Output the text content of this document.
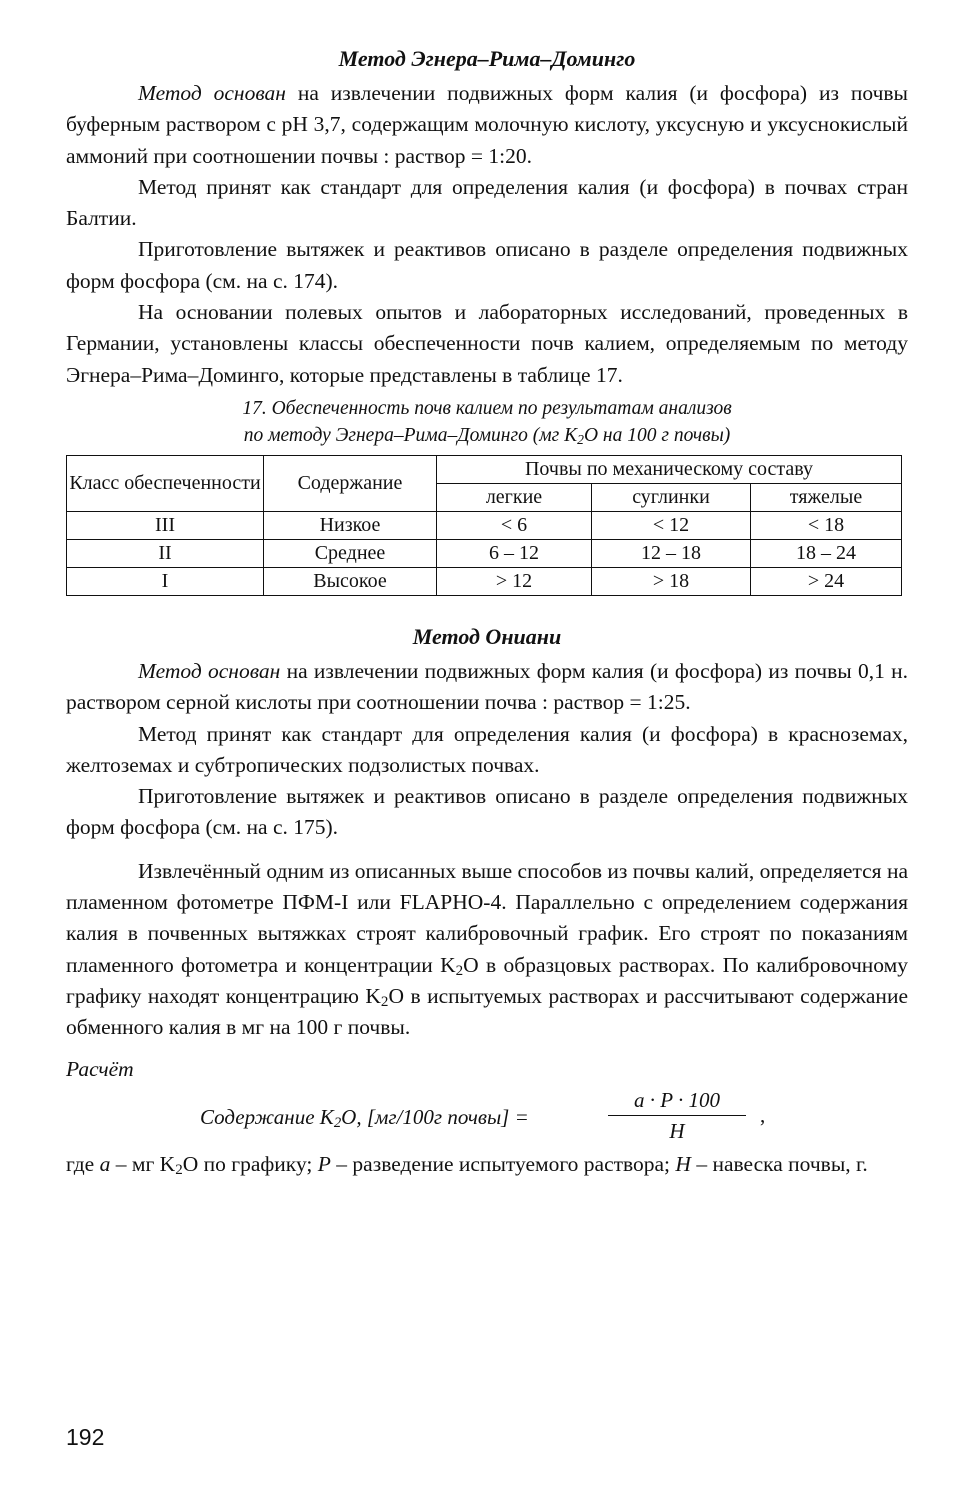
Метод Эгнера–Рима–Доминго

Метод основан на извлечении подвижных форм калия (и фосфора) из почвы буферным раствором с pH 3,7, содержащим молочную кислоту, уксусную и уксуснокислый аммоний при соотношении почвы : раствор = 1:20.

Метод принят как стандарт для определения калия (и фосфора) в почвах стран Балтии.

Приготовление вытяжек и реактивов описано в разделе определения подвижных форм фосфора (см. на с. 174).

На основании полевых опытов и лабораторных исследований, проведенных в Германии, установлены классы обеспеченности почв калием, определяемым по методу Эгнера–Рима–Доминго, которые представлены в таблице 17.

17. Обеспеченность почв калием по результатам анализов
по методу Эгнера–Рима–Доминго (мг $K_2O$ на 100 г почвы)
Класс обеспеченности	Содержание	Почвы по механическому составу		
		легкие	суглинки	тяжелые
III	Низкое	< 6	< 12	< 18
II	Среднее	6 – 12	12 – 18	18 – 24
I	Высокое	> 12	> 18	> 24
Метод Ониани

Метод основан на извлечении подвижных форм калия (и фосфора) из почвы 0,1 н. раствором серной кислоты при соотношении почва : раствор = 1:25.

Метод принят как стандарт для определения калия (и фосфора) в красноземах, желтоземах и субтропических подзолистых почвах.

Приготовление вытяжек и реактивов описано в разделе определения подвижных форм фосфора (см. на с. 175).

Извлечённый одним из описанных выше способов из почвы калий, определяется на пламенном фотометре ПФМ-I или FLAPHO-4. Параллельно с определением содержания калия в почвенных вытяжках строят калибровочный график. Его строят по показаниям пламенного фотометра и концентрации $K_2O$ в образцовых растворах. По калибровочному графику находят концентрацию $K_2O$ в испытуемых растворах и рассчитывают содержание обменного калия в мг на 100 г почвы.

Расчёт

Содержание $K_2O$, [мг/100г почвы] =	$\frac{a \cdot P \cdot 100}{H}$ ,

где a – мг $K_2O$ по графику; P – разведение испытуемого раствора; H – навеска почвы, г.

192
